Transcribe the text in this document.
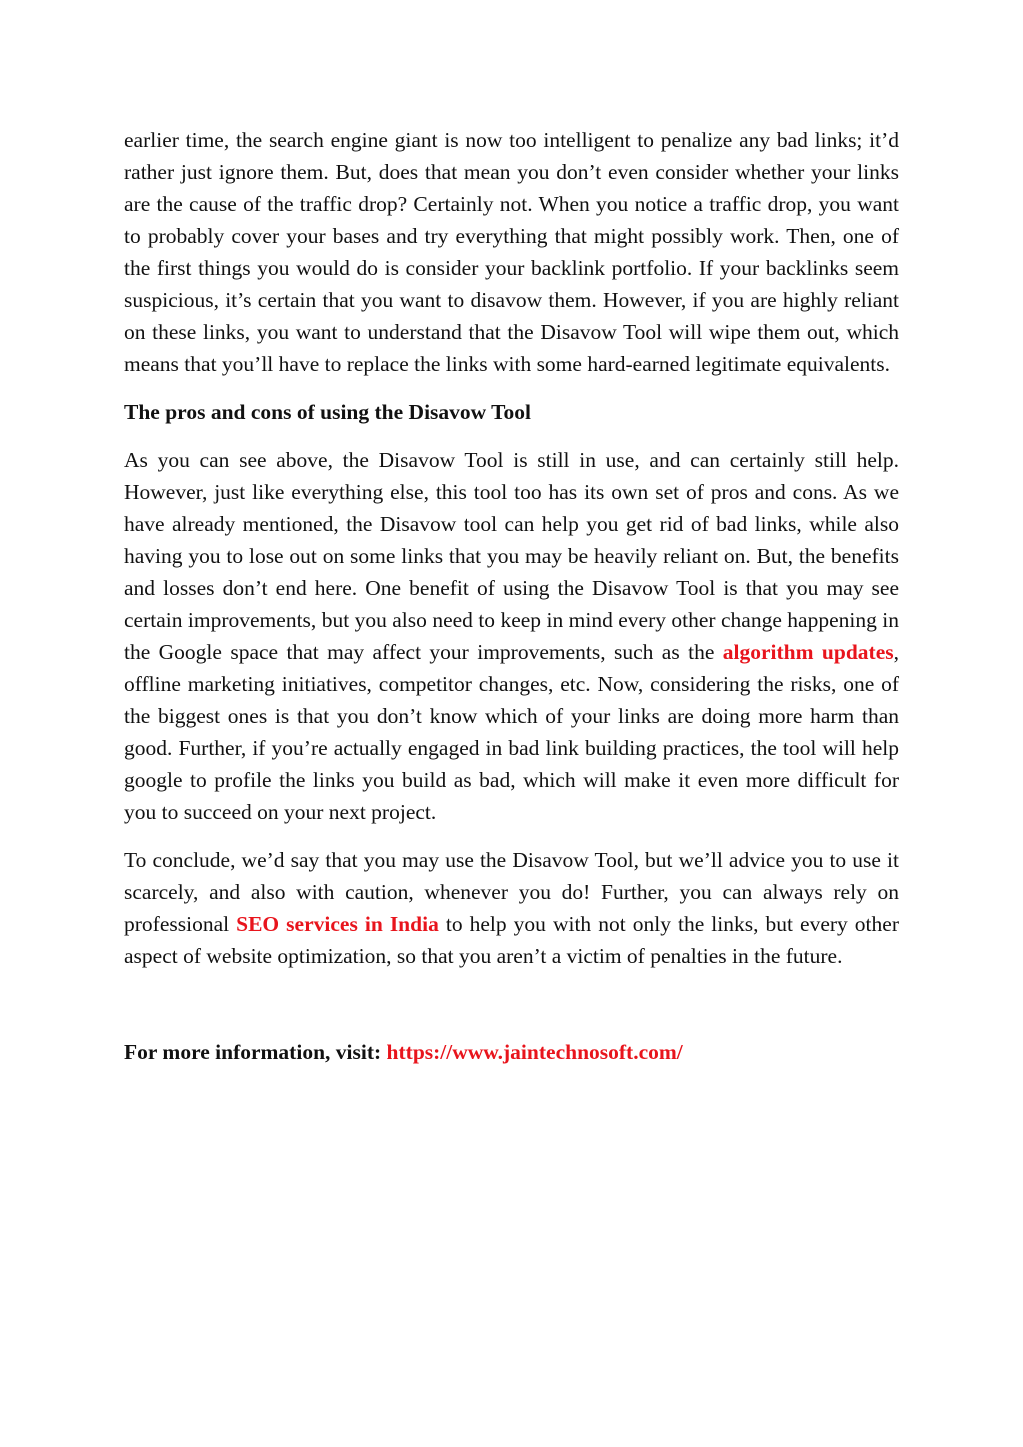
earlier time, the search engine giant is now too intelligent to penalize any bad links; it’d rather just ignore them. But, does that mean you don’t even consider whether your links are the cause of the traffic drop? Certainly not. When you notice a traffic drop, you want to probably cover your bases and try everything that might possibly work. Then, one of the first things you would do is consider your backlink portfolio. If your backlinks seem suspicious, it’s certain that you want to disavow them. However, if you are highly reliant on these links, you want to understand that the Disavow Tool will wipe them out, which means that you’ll have to replace the links with some hard-earned legitimate equivalents.

The pros and cons of using the Disavow Tool

As you can see above, the Disavow Tool is still in use, and can certainly still help. However, just like everything else, this tool too has its own set of pros and cons. As we have already mentioned, the Disavow tool can help you get rid of bad links, while also having you to lose out on some links that you may be heavily reliant on. But, the benefits and losses don’t end here. One benefit of using the Disavow Tool is that you may see certain improvements, but you also need to keep in mind every other change happening in the Google space that may affect your improvements, such as the algorithm updates, offline marketing initiatives, competitor changes, etc. Now, considering the risks, one of the biggest ones is that you don’t know which of your links are doing more harm than good. Further, if you’re actually engaged in bad link building practices, the tool will help google to profile the links you build as bad, which will make it even more difficult for you to succeed on your next project.

To conclude, we’d say that you may use the Disavow Tool, but we’ll advice you to use it scarcely, and also with caution, whenever you do! Further, you can always rely on professional SEO services in India to help you with not only the links, but every other aspect of website optimization, so that you aren’t a victim of penalties in the future.

For more information, visit: https://www.jaintechnosoft.com/
